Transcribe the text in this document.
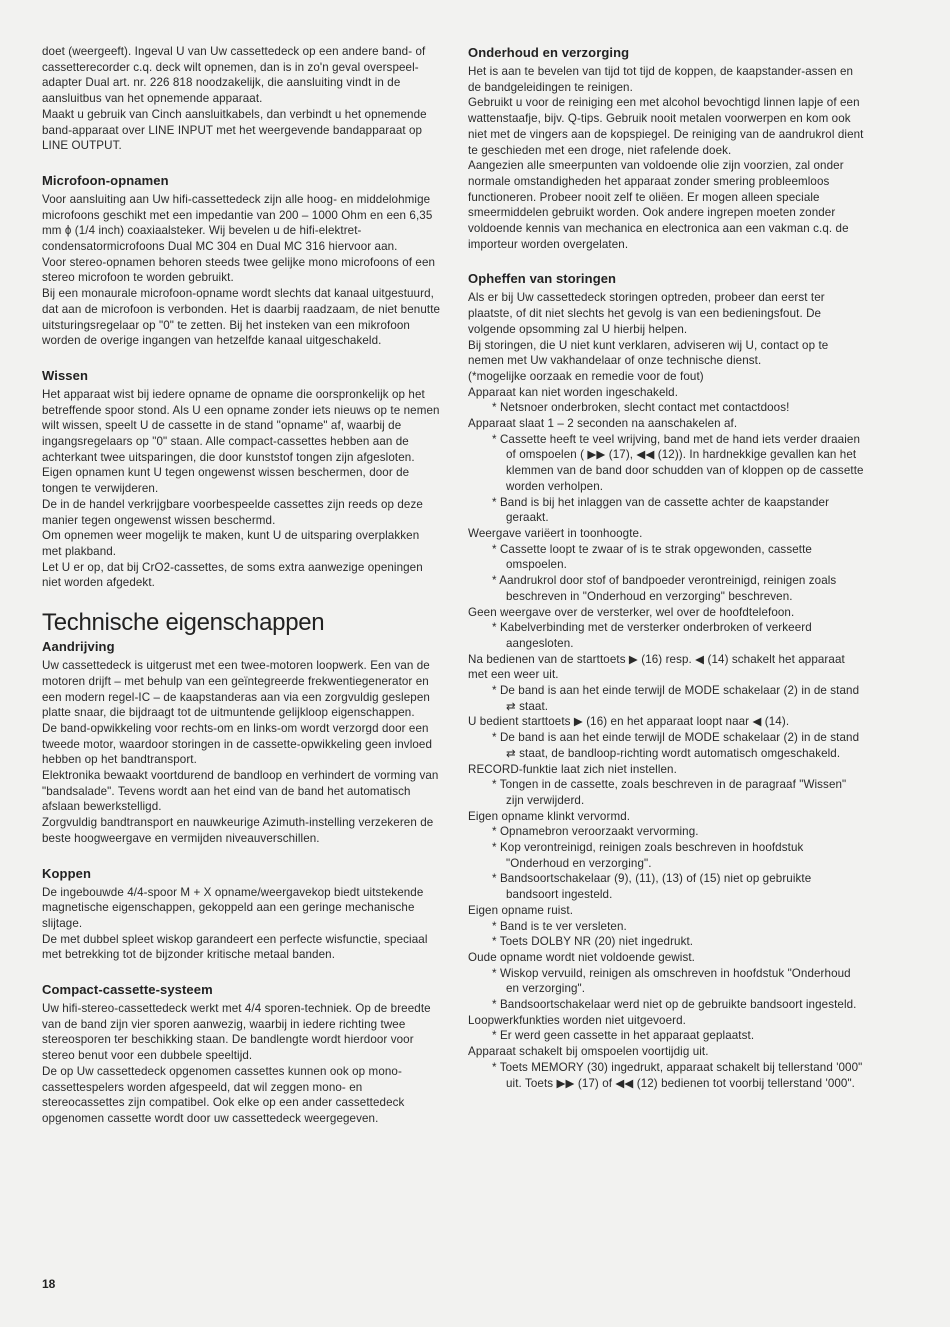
doet (weergeeft). Ingeval U van Uw cassettedeck op een andere band- of cassetterecorder c.q. deck wilt opnemen, dan is in zo'n geval overspeel-adapter Dual art. nr. 226 818 noodzakelijk, die aansluiting vindt in de aansluitbus van het opnemende apparaat.

Maakt u gebruik van Cinch aansluitkabels, dan verbindt u het opnemende band-apparaat over LINE INPUT met het weergevende bandapparaat op LINE OUTPUT.

Microfoon-opnamen

Voor aansluiting aan Uw hifi-cassettedeck zijn alle hoog- en middelohmige microfoons geschikt met een impedantie van 200 – 1000 Ohm en een 6,35 mm ϕ (1/4 inch) coaxiaalsteker. Wij bevelen u de hifi-elektret-condensatormicrofoons Dual MC 304 en Dual MC 316 hiervoor aan.

Voor stereo-opnamen behoren steeds twee gelijke mono microfoons of een stereo microfoon te worden gebruikt.

Bij een monaurale microfoon-opname wordt slechts dat kanaal uitgestuurd, dat aan de microfoon is verbonden. Het is daarbij raadzaam, de niet benutte uitsturingsregelaar op "0" te zetten. Bij het insteken van een mikrofoon worden de overige ingangen van hetzelfde kanaal uitgeschakeld.

Wissen

Het apparaat wist bij iedere opname de opname die oorspronkelijk op het betreffende spoor stond. Als U een opname zonder iets nieuws op te nemen wilt wissen, speelt U de cassette in de stand "opname" af, waarbij de ingangsregelaars op "0" staan. Alle compact-cassettes hebben aan de achterkant twee uitsparingen, die door kunststof tongen zijn afgesloten. Eigen opnamen kunt U tegen ongewenst wissen beschermen, door de tongen te verwijderen.

De in de handel verkrijgbare voorbespeelde cassettes zijn reeds op deze manier tegen ongewenst wissen beschermd.

Om opnemen weer mogelijk te maken, kunt U de uitsparing overplakken met plakband.

Let U er op, dat bij CrO2-cassettes, de soms extra aanwezige openingen niet worden afgedekt.

Technische eigenschappen
Aandrijving

Uw cassettedeck is uitgerust met een twee-motoren loopwerk. Een van de motoren drijft – met behulp van een geïntegreerde frekwentiegenerator en een modern regel-IC – de kaapstanderas aan via een zorgvuldig geslepen platte snaar, die bijdraagt tot de uitmuntende gelijkloop eigenschappen.

De band-opwikkeling voor rechts-om en links-om wordt verzorgd door een tweede motor, waardoor storingen in de cassette-opwikkeling geen invloed hebben op het bandtransport.

Elektronika bewaakt voortdurend de bandloop en verhindert de vorming van "bandsalade". Tevens wordt aan het eind van de band het automatisch afslaan bewerkstelligd.

Zorgvuldig bandtransport en nauwkeurige Azimuth-instelling verzekeren de beste hoogweergave en vermijden niveauverschillen.

Koppen

De ingebouwde 4/4-spoor M + X opname/weergavekop biedt uitstekende magnetische eigenschappen, gekoppeld aan een geringe mechanische slijtage.

De met dubbel spleet wiskop garandeert een perfecte wisfunctie, speciaal met betrekking tot de bijzonder kritische metaal banden.

Compact-cassette-systeem

Uw hifi-stereo-cassettedeck werkt met 4/4 sporen-techniek. Op de breedte van de band zijn vier sporen aanwezig, waarbij in iedere richting twee stereosporen ter beschikking staan. De bandlengte wordt hierdoor voor stereo benut voor een dubbele speeltijd.

De op Uw cassettedeck opgenomen cassettes kunnen ook op mono-cassettespelers worden afgespeeld, dat wil zeggen mono- en stereocassettes zijn compatibel. Ook elke op een ander cassettedeck opgenomen cassette wordt door uw cassettedeck weergegeven.

Onderhoud en verzorging

Het is aan te bevelen van tijd tot tijd de koppen, de kaapstander-assen en de bandgeleidingen te reinigen.

Gebruikt u voor de reiniging een met alcohol bevochtigd linnen lapje of een wattenstaafje, bijv. Q-tips. Gebruik nooit metalen voorwerpen en kom ook niet met de vingers aan de kopspiegel. De reiniging van de aandrukrol dient te geschieden met een droge, niet rafelende doek.

Aangezien alle smeerpunten van voldoende olie zijn voorzien, zal onder normale omstandigheden het apparaat zonder smering probleemloos functioneren. Probeer nooit zelf te oliëen. Er mogen alleen speciale smeermiddelen gebruikt worden. Ook andere ingrepen moeten zonder voldoende kennis van mechanica en electronica aan een vakman c.q. de importeur worden overgelaten.

Opheffen van storingen

Als er bij Uw cassettedeck storingen optreden, probeer dan eerst ter plaatste, of dit niet slechts het gevolg is van een bedieningsfout. De volgende opsomming zal U hierbij helpen.

Bij storingen, die U niet kunt verklaren, adviseren wij U, contact op te nemen met Uw vakhandelaar of onze technische dienst.

(*mogelijke oorzaak en remedie voor de fout)

Apparaat kan niet worden ingeschakeld.
* Netsnoer onderbroken, slecht contact met contactdoos!
Apparaat slaat 1 – 2 seconden na aanschakelen af.
* Cassette heeft te veel wrijving, band met de hand iets verder draaien of omspoelen ( ▶▶ (17), ◀◀ (12)). In hardnekkige gevallen kan het klemmen van de band door schudden van of kloppen op de cassette worden verholpen.
* Band is bij het inlaggen van de cassette achter de kaapstander geraakt.
Weergave variëert in toonhoogte.
* Cassette loopt te zwaar of is te strak opgewonden, cassette omspoelen.
* Aandrukrol door stof of bandpoeder verontreinigd, reinigen zoals beschreven in "Onderhoud en verzorging" beschreven.
Geen weergave over de versterker, wel over de hoofdtelefoon.
* Kabelverbinding met de versterker onderbroken of verkeerd aangesloten.
Na bedienen van de starttoets ▶ (16) resp. ◀ (14) schakelt het apparaat met een weer uit.
* De band is aan het einde terwijl de MODE schakelaar (2) in de stand ⇄ staat.
U bedient starttoets ▶ (16) en het apparaat loopt naar ◀ (14).
* De band is aan het einde terwijl de MODE schakelaar (2) in de stand ⇄ staat, de bandloop-richting wordt automatisch omgeschakeld.
RECORD-funktie laat zich niet instellen.
* Tongen in de cassette, zoals beschreven in de paragraaf "Wissen" zijn verwijderd.
Eigen opname klinkt vervormd.
* Opnamebron veroorzaakt vervorming.
* Kop verontreinigd, reinigen zoals beschreven in hoofdstuk "Onderhoud en verzorging".
* Bandsoortschakelaar (9), (11), (13) of (15) niet op gebruikte bandsoort ingesteld.
Eigen opname ruist.
* Band is te ver versleten.
* Toets DOLBY NR (20) niet ingedrukt.
Oude opname wordt niet voldoende gewist.
* Wiskop vervuild, reinigen als omschreven in hoofdstuk "Onderhoud en verzorging".
* Bandsoortschakelaar werd niet op de gebruikte bandsoort ingesteld.
Loopwerkfunkties worden niet uitgevoerd.
* Er werd geen cassette in het apparaat geplaatst.
Apparaat schakelt bij omspoelen voortijdig uit.
* Toets MEMORY (30) ingedrukt, apparaat schakelt bij tellerstand '000" uit. Toets ▶▶ (17) of ◀◀ (12) bedienen tot voorbij tellerstand '000".
18
